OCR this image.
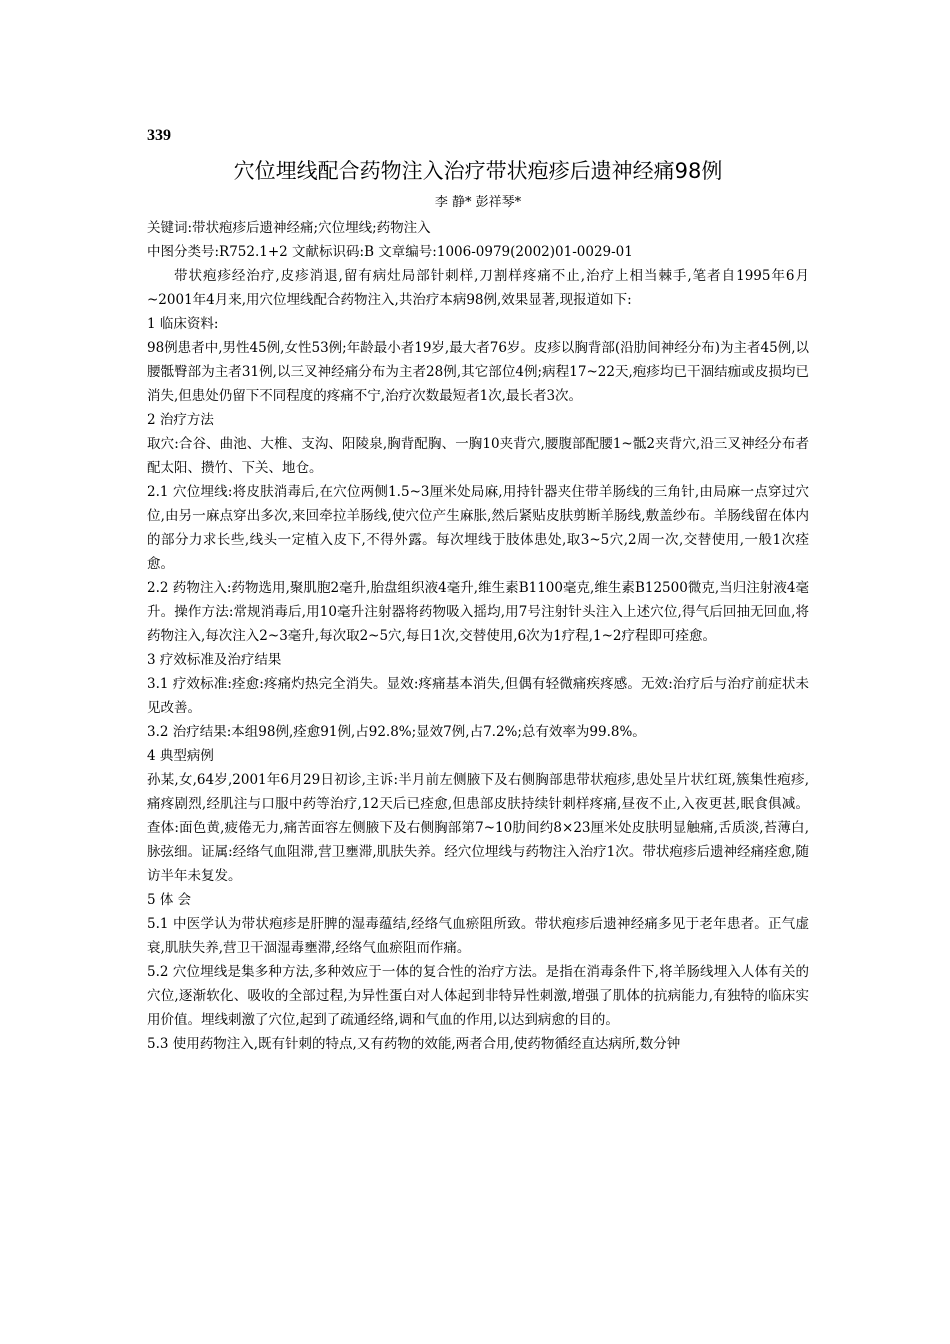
339
穴位埋线配合药物注入治疗带状疱疹后遗神经痛98例
李 静* 彭祥琴*
关键词:带状疱疹后遗神经痛;穴位埋线;药物注入
中图分类号:R752.1+2 文献标识码:B 文章编号:1006-0979(2002)01-0029-01
带状疱疹经治疗,皮疹消退,留有病灶局部针刺样,刀割样疼痛不止,治疗上相当棘手,笔者自1995年6月~2001年4月来,用穴位埋线配合药物注入,共治疗本病98例,效果显著,现报道如下:
1 临床资料:
98例患者中,男性45例,女性53例;年龄最小者19岁,最大者76岁。皮疹以胸背部(沿肋间神经分布)为主者45例,以腰骶臀部为主者31例,以三叉神经痛分布为主者28例,其它部位4例;病程17~22天,疱疹均已干涸结痂或皮损均已消失,但患处仍留下不同程度的疼痛不宁,治疗次数最短者1次,最长者3次。
2 治疗方法
取穴:合谷、曲池、大椎、支沟、阳陵泉,胸背配胸、一胸10夹背穴,腰腹部配腰1~骶2夹背穴,沿三叉神经分布者配太阳、攒竹、下关、地仓。
2.1 穴位埋线:将皮肤消毒后,在穴位两侧1.5~3厘米处局麻,用持针器夹住带羊肠线的三角针,由局麻一点穿过穴位,由另一麻点穿出多次,来回牵拉羊肠线,使穴位产生麻胀,然后紧贴皮肤剪断羊肠线,敷盖纱布。羊肠线留在体内的部分力求长些,线头一定植入皮下,不得外露。每次埋线于肢体患处,取3~5穴,2周一次,交替使用,一般1次痊愈。
2.2 药物注入:药物选用,聚肌胞2毫升,胎盘组织液4毫升,维生素B1100毫克,维生素B12500微克,当归注射液4毫升。操作方法:常规消毒后,用10毫升注射器将药物吸入摇均,用7号注射针头注入上述穴位,得气后回抽无回血,将药物注入,每次注入2~3毫升,每次取2~5穴,每日1次,交替使用,6次为1疗程,1~2疗程即可痊愈。
3 疗效标准及治疗结果
3.1 疗效标准:痊愈:疼痛灼热完全消失。显效:疼痛基本消失,但偶有轻微痛疾疼感。无效:治疗后与治疗前症状未见改善。
3.2 治疗结果:本组98例,痊愈91例,占92.8%;显效7例,占7.2%;总有效率为99.8%。
4 典型病例
孙某,女,64岁,2001年6月29日初诊,主诉:半月前左侧腋下及右侧胸部患带状疱疹,患处呈片状红斑,簇集性疱疹,痛疼剧烈,经肌注与口服中药等治疗,12天后已痊愈,但患部皮肤持续针刺样疼痛,昼夜不止,入夜更甚,眠食俱减。查体:面色黄,疲倦无力,痛苦面容左侧腋下及右侧胸部第7~10肋间约8×23厘米处皮肤明显触痛,舌质淡,苔薄白,脉弦细。证属:经络气血阻滞,营卫壅滞,肌肤失养。经穴位埋线与药物注入治疗1次。带状疱疹后遗神经痛痊愈,随访半年未复发。
5 体 会
5.1 中医学认为带状疱疹是肝脾的湿毒蕴结,经络气血瘀阻所致。带状疱疹后遗神经痛多见于老年患者。正气虚衰,肌肤失养,营卫干涸湿毒壅滞,经络气血瘀阻而作痛。
5.2 穴位埋线是集多种方法,多种效应于一体的复合性的治疗方法。是指在消毒条件下,将羊肠线埋入人体有关的穴位,逐渐软化、吸收的全部过程,为异性蛋白对人体起到非特异性刺激,增强了肌体的抗病能力,有独特的临床实用价值。埋线刺激了穴位,起到了疏通经络,调和气血的作用,以达到病愈的目的。
5.3 使用药物注入,既有针刺的特点,又有药物的效能,两者合用,使药物循经直达病所,数分钟
